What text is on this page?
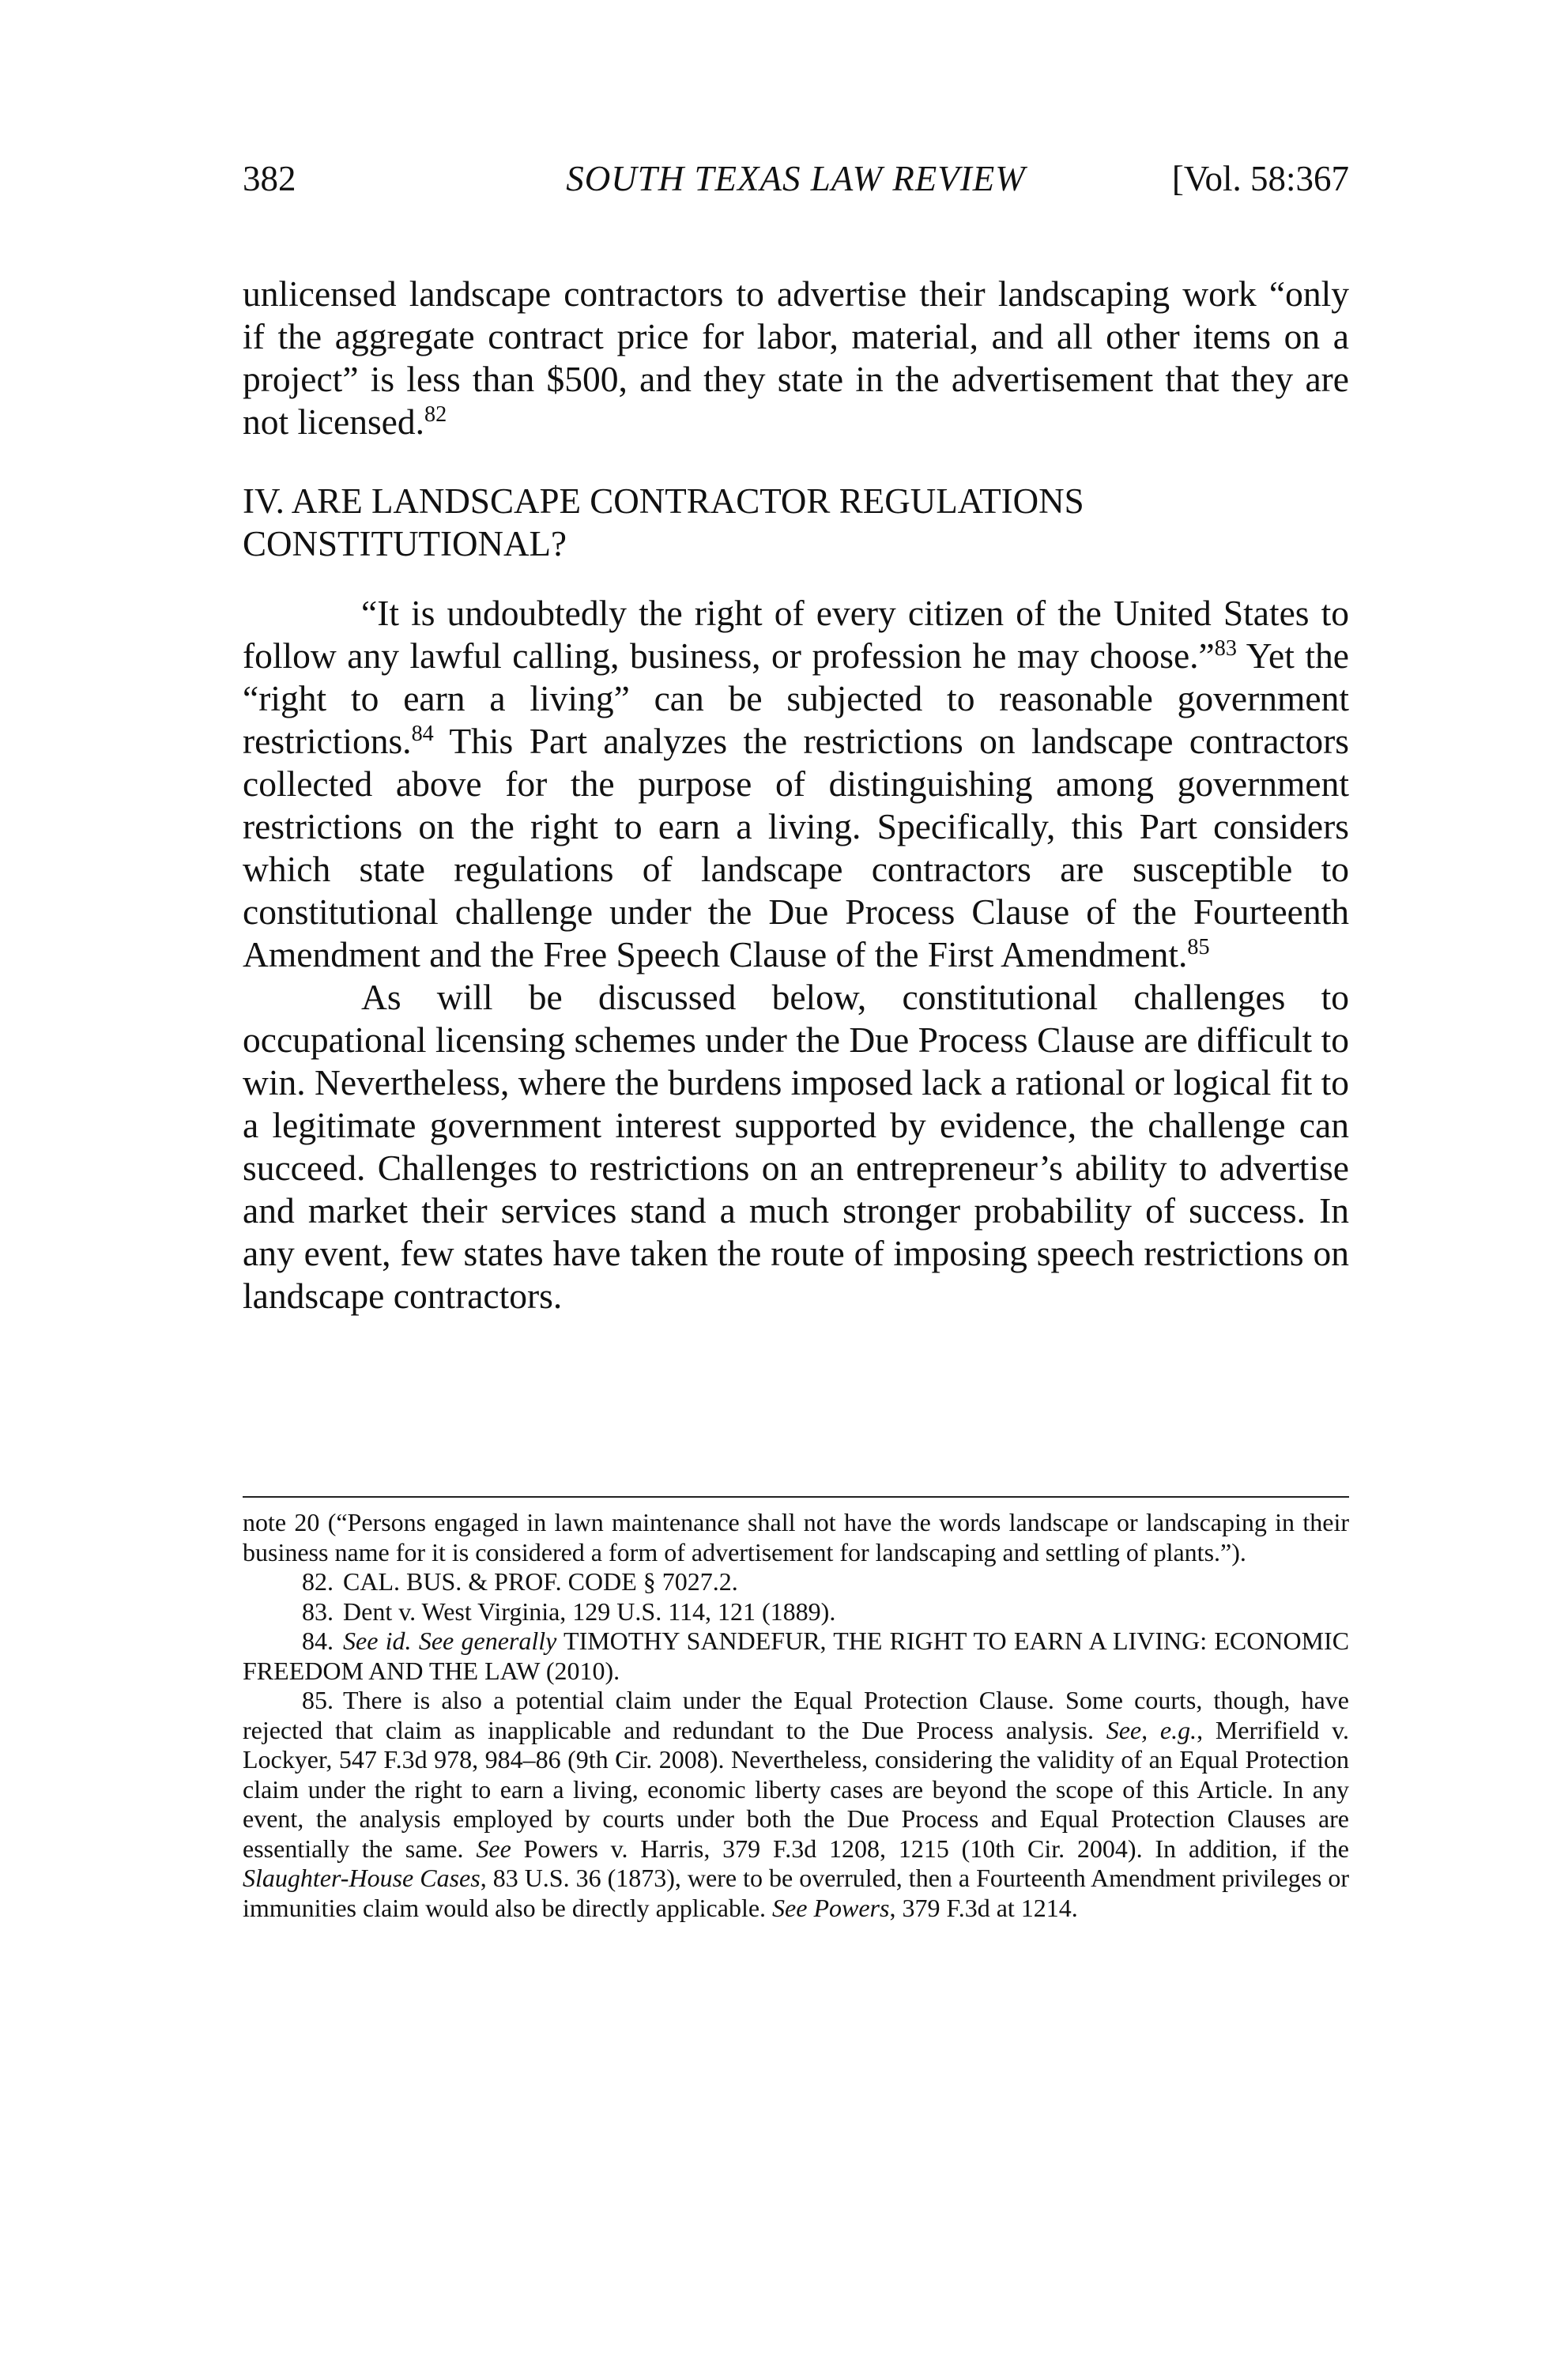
382	SOUTH TEXAS LAW REVIEW	[Vol. 58:367

unlicensed landscape contractors to advertise their landscaping work “only if the aggregate contract price for labor, material, and all other items on a project” is less than $500, and they state in the advertisement that they are not licensed.$^{82}$

IV. ARE LANDSCAPE CONTRACTOR REGULATIONS CONSTITUTIONAL?

“It is undoubtedly the right of every citizen of the United States to follow any lawful calling, business, or profession he may choose.”$^{83}$ Yet the “right to earn a living” can be subjected to reasonable government restrictions.$^{84}$ This Part analyzes the restrictions on landscape contractors collected above for the purpose of distinguishing among government restrictions on the right to earn a living. Specifically, this Part considers which state regulations of landscape contractors are susceptible to constitutional challenge under the Due Process Clause of the Fourteenth Amendment and the Free Speech Clause of the First Amendment.$^{85}$

As will be discussed below, constitutional challenges to occupational licensing schemes under the Due Process Clause are difficult to win. Nevertheless, where the burdens imposed lack a rational or logical fit to a legitimate government interest supported by evidence, the challenge can succeed. Challenges to restrictions on an entrepreneur’s ability to advertise and market their services stand a much stronger probability of success. In any event, few states have taken the route of imposing speech restrictions on landscape contractors.

note 20 (“Persons engaged in lawn maintenance shall not have the words landscape or landscaping in their business name for it is considered a form of advertisement for landscaping and settling of plants.”).

82. CAL. BUS. & PROF. CODE § 7027.2.

83. Dent v. West Virginia, 129 U.S. 114, 121 (1889).

84. See id. See generally TIMOTHY SANDEFUR, THE RIGHT TO EARN A LIVING: ECONOMIC FREEDOM AND THE LAW (2010).

85. There is also a potential claim under the Equal Protection Clause. Some courts, though, have rejected that claim as inapplicable and redundant to the Due Process analysis. See, e.g., Merrifield v. Lockyer, 547 F.3d 978, 984–86 (9th Cir. 2008). Nevertheless, considering the validity of an Equal Protection claim under the right to earn a living, economic liberty cases are beyond the scope of this Article. In any event, the analysis employed by courts under both the Due Process and Equal Protection Clauses are essentially the same. See Powers v. Harris, 379 F.3d 1208, 1215 (10th Cir. 2004). In addition, if the Slaughter-House Cases, 83 U.S. 36 (1873), were to be overruled, then a Fourteenth Amendment privileges or immunities claim would also be directly applicable. See Powers, 379 F.3d at 1214.
